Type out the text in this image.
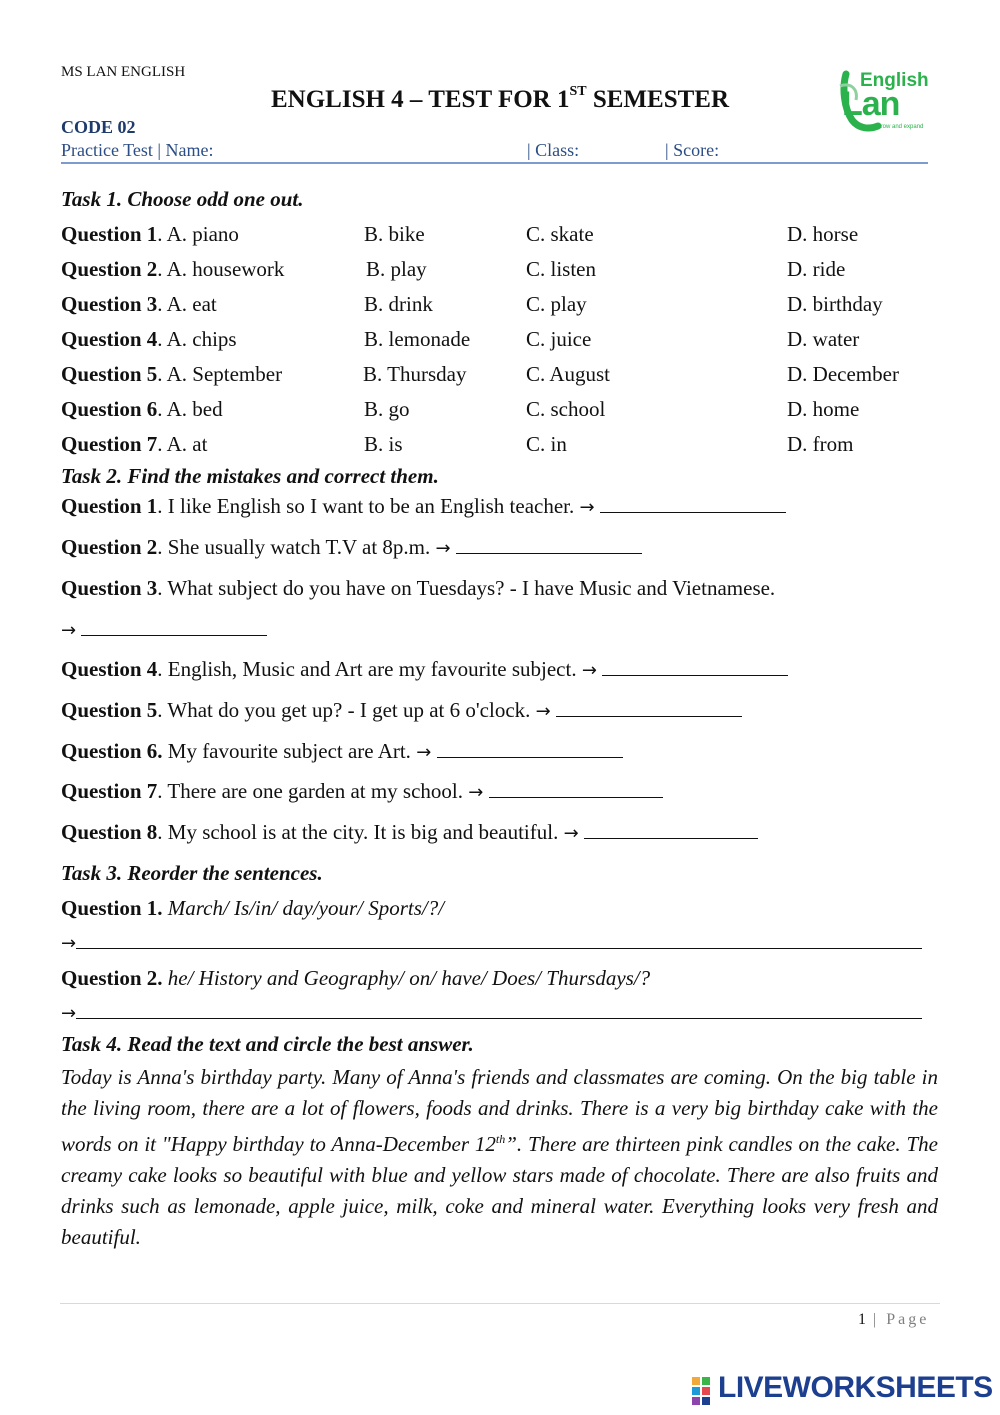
MS LAN ENGLISH
ENGLISH 4 – TEST FOR 1ST SEMESTER
CODE 02
Practice Test | Name:	| Class:	| Score:
English
Lan
Grow and expand
Task 1. Choose odd one out.
Question 1. A. piano	B. bike	C. skate	D. horse
Question 2. A. housework	B. play	C. listen	D. ride
Question 3. A. eat	B. drink	C. play	D. birthday
Question 4. A. chips	B. lemonade	C. juice	D. water
Question 5. A. September	B. Thursday	C. August	D. December
Question 6. A. bed	B. go	C. school	D. home
Question 7. A. at	B. is	C. in	D. from
Task 2. Find the mistakes and correct them.
Question 1. I like English so I want to be an English teacher. →
Question 2. She usually watch T.V at 8p.m. →
Question 3. What subject do you have on Tuesdays? - I have Music and Vietnamese.
→
Question 4. English, Music and Art are my favourite subject. →
Question 5. What do you get up? - I get up at 6 o'clock. →
Question 6. My favourite subject are Art. →
Question 7. There are one garden at my school. →
Question 8. My school is at the city. It is big and beautiful. →
Task 3. Reorder the sentences.
Question 1. March/ Is/in/ day/your/ Sports/?/
→
Question 2. he/ History and Geography/ on/ have/ Does/ Thursdays/?
→
Task 4. Read the text and circle the best answer.
Today is Anna's birthday party. Many of Anna's friends and classmates are coming. On the big table in the living room, there are a lot of flowers, foods and drinks. There is a very big birthday cake with the words on it "Happy birthday to Anna-December 12th”. There are thirteen pink candles on the cake. The creamy cake looks so beautiful with blue and yellow stars made of chocolate. There are also fruits and drinks such as lemonade, apple juice, milk, coke and mineral water. Everything looks very fresh and beautiful.
1 | Page
LIVEWORKSHEETS
